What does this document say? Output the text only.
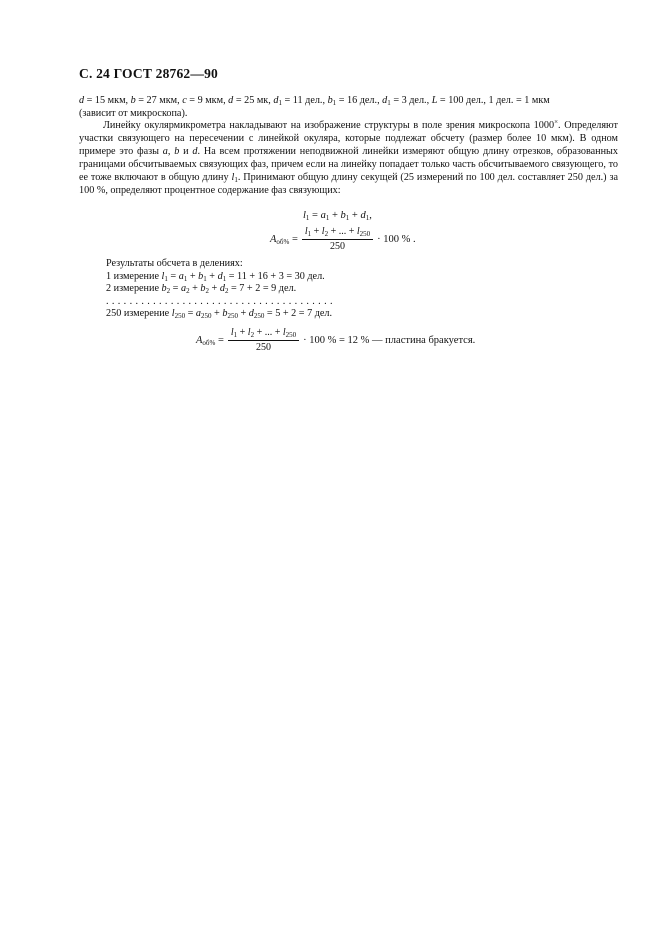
С. 24 ГОСТ 28762—90
d = 15 мкм, b = 27 мкм, c = 9 мкм, d = 25 мк, $d_1 = 11$ дел., $b_1 = 16$ дел., $d_1 = 3$ дел., L = 100 дел., 1 дел. = 1 мкм
(зависит от микроскопа).
Линейку окулярмикрометра накладывают на изображение структуры в поле зрения микроскопа 1000×. Определяют участки связующего на пересечении с линейкой окуляра, которые подлежат обсчету (размер более 10 мкм). В одном примере это фазы a, b и d. На всем протяжении неподвижной линейки измеряют общую длину отрезков, образованных границами обсчитываемых связующих фаз, причем если на линейку попадает только часть обсчитываемого связующего, то ее тоже включают в общую длину $l_1$. Принимают общую длину секущей (25 измерений по 100 дел. составляет 250 дел.) за 100 %, определяют процентное содержание фаз связующих:
$l_1 = a_1 + b_1 + d_1$,
$A_{об\%} = \frac{l_1 + l_2 + ... + l_{250}}{250} \cdot 100$ % .
Результаты обсчета в делениях:
1 измерение $l_1 = a_1 + b_1 + d_1 = 11 + 16 + 3 = 30$ дел.
2 измерение $b_2 = a_2 + b_2 + d_2 = 7 + 2 = 9$ дел.
. . . . . . . . . . . . . . . . . . . . . . . . . . . . . . . . . . . . . . .
250 измерение $l_{250} = a_{250} + b_{250} + d_{250} = 5 + 2 = 7$ дел.
$A_{об\%} = \frac{l_1 + l_2 + ... + l_{250}}{250} \cdot 100$ % = 12 % — пластина бракуется.
